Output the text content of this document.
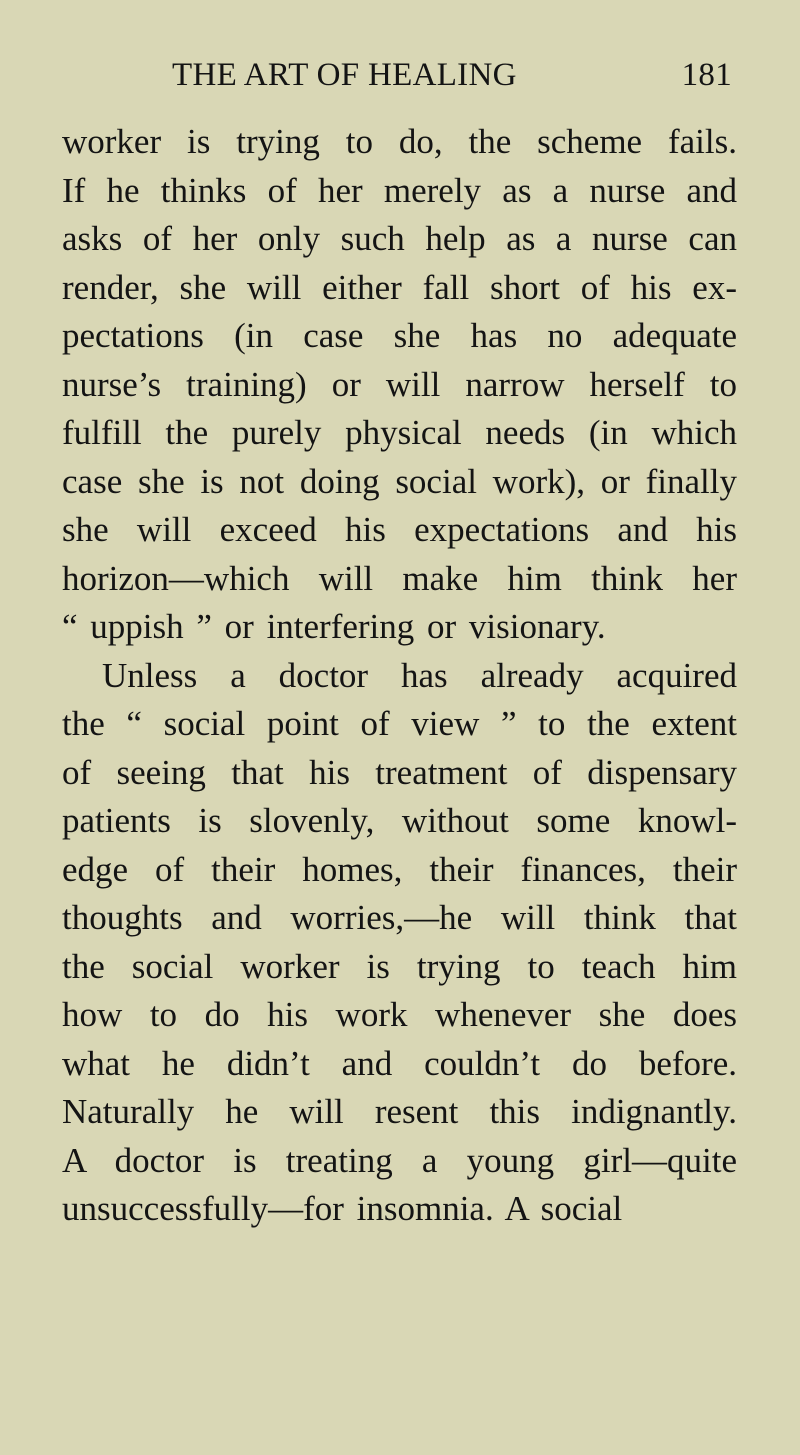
THE ART OF HEALING	181
worker is trying to do, the scheme fails.
If he thinks of her merely as a nurse and
asks of her only such help as a nurse can
render, she will either fall short of his ex-
pectations (in case she has no adequate
nurse’s training) or will narrow herself to
fulfill the purely physical needs (in which
case she is not doing social work), or finally
she will exceed his expectations and his
horizon—which will make him think her
“ uppish ” or interfering or visionary.
Unless a doctor has already acquired
the “ social point of view ” to the extent
of seeing that his treatment of dispensary
patients is slovenly, without some knowl-
edge of their homes, their finances, their
thoughts and worries,—he will think that
the social worker is trying to teach him
how to do his work whenever she does
what he didn’t and couldn’t do before.
Naturally he will resent this indignantly.
A doctor is treating a young girl—quite
unsuccessfully—for insomnia. A social
